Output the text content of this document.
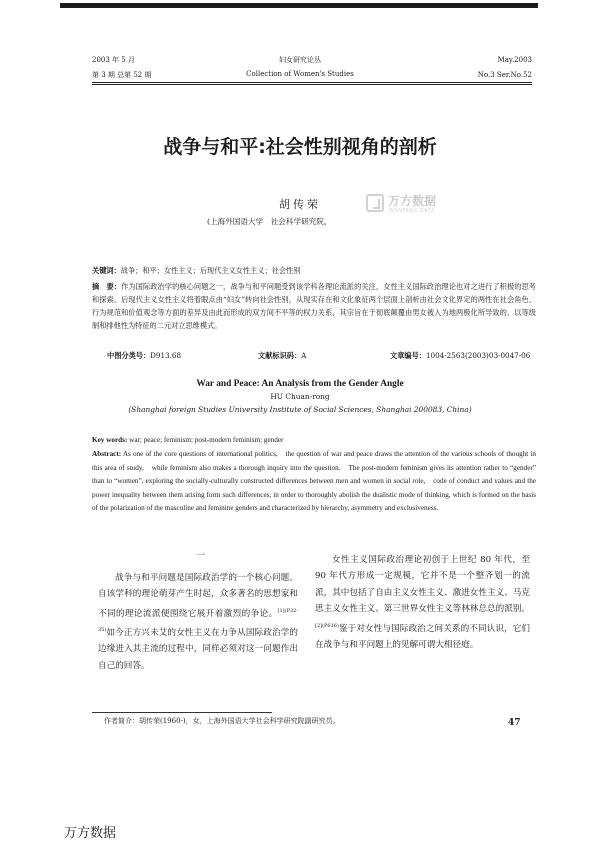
2003 年 5 月
第 3 期 总第 52 期
妇女研究论丛
Collection of Women's Studies
May.2003
No.3 Ser.No.52
战争与和平:社会性别视角的剖析
胡传荣
(上海外国语大学　社会科学研究院，
万方数据
WANFANG DATA
关键词：战争；和平；女性主义；后现代主义女性主义；社会性别
摘　要：作为国际政治学的核心问题之一，战争与和平问题受到该学科各理论流派的关注，女性主义国际政治理论也对之进行了积极的思考和探索。后现代主义女性主义将着眼点由“妇女”转向社会性别，从现实存在和文化象征两个层面上剖析由社会文化界定的两性在社会角色、行为规范和价值观念等方面的差异及由此而形成的双方间不平等的权力关系，其宗旨在于彻底颠覆由男女被入为地两极化所导致的、以等级制和排他性为特征的二元对立思维模式。
中图分类号：D913.68	文献标识码：A	文章编号：1004-2563(2003)03-0047-06
War and Peace: An Analysis from the Gender Angle
HU Chuan-rong
(Shanghai foreign Studies University Institute of Social Sciences, Shanghai 200083, China)
Key words: war; peace; feminism; post-modern feminism; gender
Abstract: As one of the core questions of international politics,　the question of war and peace draws the attention of the various schools of thought in this area of study,　while feminism also makes a thorough inquiry into the question.　The post-modern feminism gives its attention rather to “gender” than to “women”, exploring the socially-culturally constructed differences between men and women in social role,　code of conduct and values and the power inequality between them arising form such differences, in order to thoroughly abolish the dualistic mode of thinking, which is formed on the basis of the polarization of the masculine and feminine genders and characterized by hierarchy, asymmetry and exclusiveness.
一
战争与和平问题是国际政治学的一个核心问题。自该学科的理论萌芽产生时起，众多著名的思想家和不同的理论流派便围绕它展开着激烈的争论。$^{[1](P32-35)}$如今正方兴未艾的女性主义在力争从国际政治学的边缘进入其主流的过程中，同样必须对这一问题作出自己的回答。
女性主义国际政治理论初创于上世纪 80 年代，至 90 年代方形成一定规模，它并不是一个整齐划一的流派，其中包括了自由主义女性主义、激进女性主义、马克思主义女性主义、第三世界女性主义等林林总总的派别。$^{[2](P616)}$鉴于对女性与国际政治之间关系的不同认识，它们在战争与和平问题上的见解可谓大相径庭。
作者简介：胡传荣(1960-)，女，上海外国语大学社会科学研究院副研究员。	47
万方数据
